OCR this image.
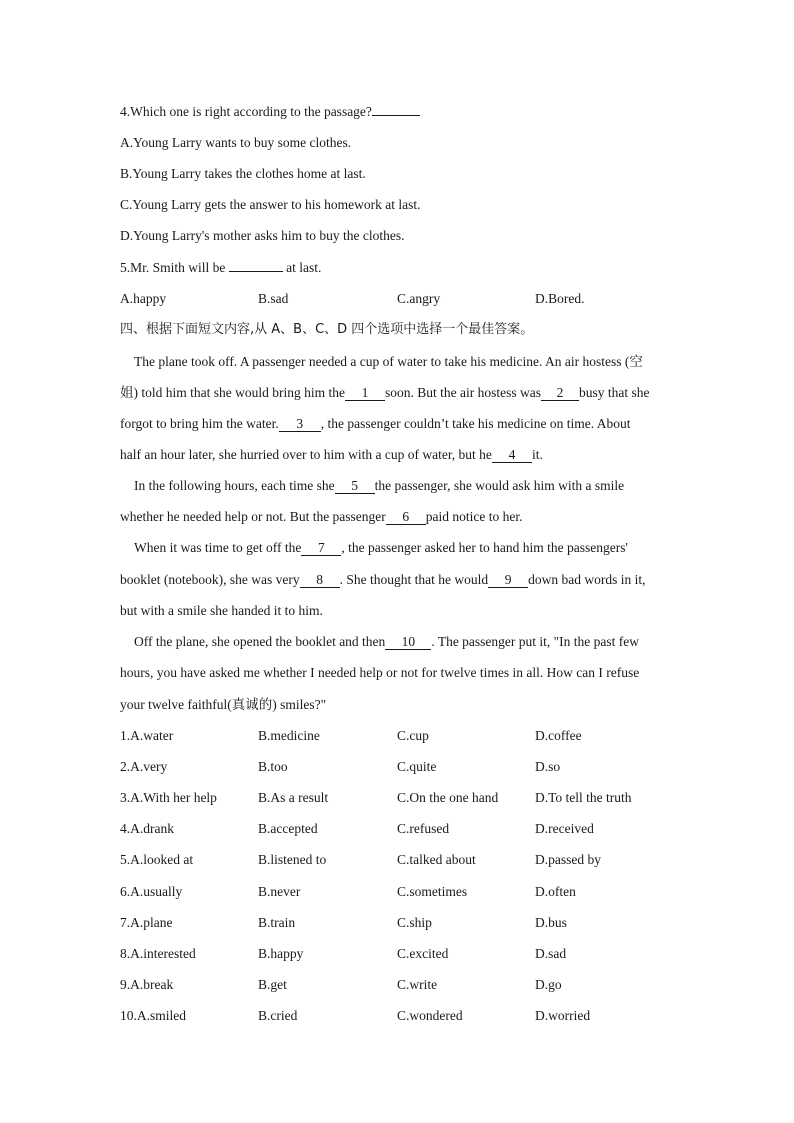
4.Which one is right according to the passage?
A.Young Larry wants to buy some clothes.
B.Young Larry takes the clothes home at last.
C.Young Larry gets the answer to his homework at last.
D.Young Larry's mother asks him to buy the clothes.
5.Mr. Smith will be	at last.
A.happy	B.sad	C.angry	D.Bored.
四、根据下面短文内容,从 A、B、C、D 四个选项中选择一个最佳答案。
The plane took off. A passenger needed a cup of water to take his medicine. An air hostess (空
姐) told him that she would bring him the 1 soon. But the air hostess was 2 busy that she
forgot to bring him the water. 3 , the passenger couldn’t take his medicine on time. About
half an hour later, she hurried over to him with a cup of water, but he 4 it.
In the following hours, each time she 5 the passenger, she would ask him with a smile
whether he needed help or not. But the passenger 6 paid notice to her.
When it was time to get off the 7 , the passenger asked her to hand him the passengers'
booklet (notebook), she was very 8 . She thought that he would 9 down bad words in it,
but with a smile she handed it to him.
Off the plane, she opened the booklet and then 10 . The passenger put it, "In the past few
hours, you have asked me whether I needed help or not for twelve times in all. How can I refuse
your twelve faithful(真诚的) smiles?"
1.A.water	B.medicine	C.cup	D.coffee
2.A.very	B.too	C.quite	D.so
3.A.With her help	B.As a result	C.On the one hand	D.To tell the truth
4.A.drank	B.accepted	C.refused	D.received
5.A.looked at	B.listened to	C.talked about	D.passed by
6.A.usually	B.never	C.sometimes	D.often
7.A.plane	B.train	C.ship	D.bus
8.A.interested	B.happy	C.excited	D.sad
9.A.break	B.get	C.write	D.go
10.A.smiled	B.cried	C.wondered	D.worried
